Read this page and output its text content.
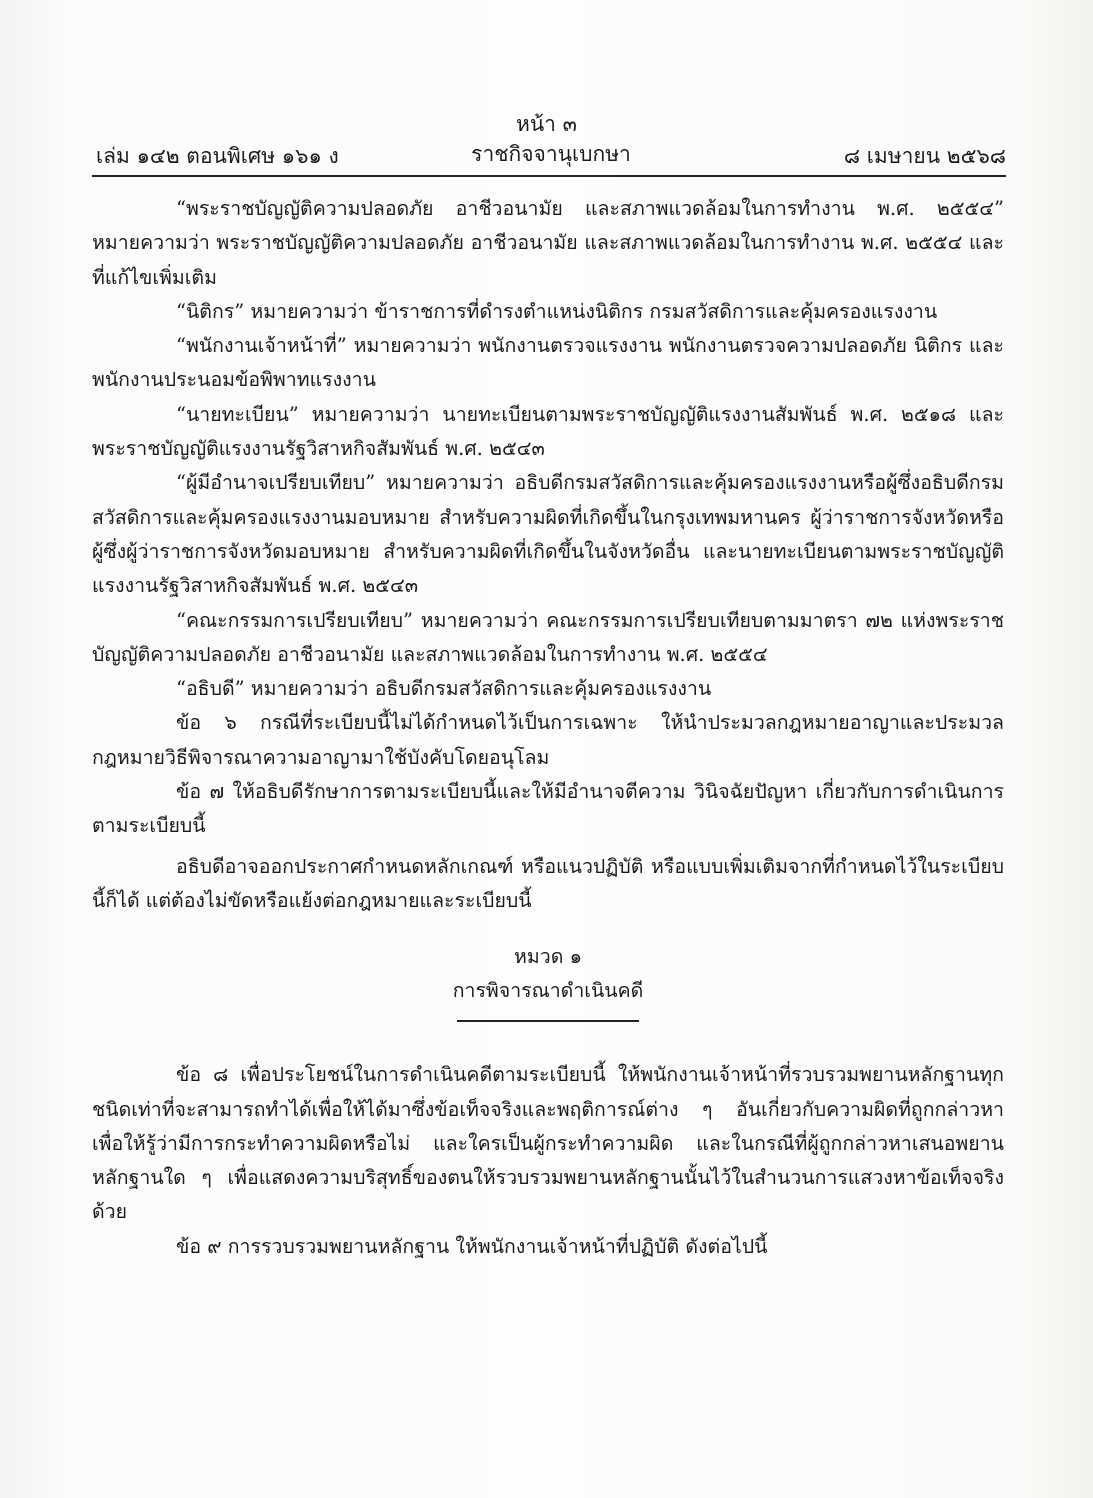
หน้า ๓
เล่ม ๑๔๒ ตอนพิเศษ ๑๖๑ ง	ราชกิจจานุเบกษา	๘ เมษายน ๒๕๖๘

“พระราชบัญญัติความปลอดภัย อาชีวอนามัย และสภาพแวดล้อมในการทำงาน พ.ศ. ๒๕๕๔” หมายความว่า พระราชบัญญัติความปลอดภัย อาชีวอนามัย และสภาพแวดล้อมในการทำงาน พ.ศ. ๒๕๕๔ และที่แก้ไขเพิ่มเติม

“นิติกร” หมายความว่า ข้าราชการที่ดำรงตำแหน่งนิติกร กรมสวัสดิการและคุ้มครองแรงงาน

“พนักงานเจ้าหน้าที่” หมายความว่า พนักงานตรวจแรงงาน พนักงานตรวจความปลอดภัย นิติกร และพนักงานประนอมข้อพิพาทแรงงาน

“นายทะเบียน” หมายความว่า นายทะเบียนตามพระราชบัญญัติแรงงานสัมพันธ์ พ.ศ. ๒๕๑๘ และพระราชบัญญัติแรงงานรัฐวิสาหกิจสัมพันธ์ พ.ศ. ๒๕๔๓

“ผู้มีอำนาจเปรียบเทียบ” หมายความว่า อธิบดีกรมสวัสดิการและคุ้มครองแรงงานหรือผู้ซึ่งอธิบดีกรมสวัสดิการและคุ้มครองแรงงานมอบหมาย สำหรับความผิดที่เกิดขึ้นในกรุงเทพมหานคร ผู้ว่าราชการจังหวัดหรือผู้ซึ่งผู้ว่าราชการจังหวัดมอบหมาย สำหรับความผิดที่เกิดขึ้นในจังหวัดอื่น และนายทะเบียนตามพระราชบัญญัติแรงงานรัฐวิสาหกิจสัมพันธ์ พ.ศ. ๒๕๔๓

“คณะกรรมการเปรียบเทียบ” หมายความว่า คณะกรรมการเปรียบเทียบตามมาตรา ๗๒ แห่งพระราชบัญญัติความปลอดภัย อาชีวอนามัย และสภาพแวดล้อมในการทำงาน พ.ศ. ๒๕๕๔

“อธิบดี” หมายความว่า อธิบดีกรมสวัสดิการและคุ้มครองแรงงาน

ข้อ ๖ กรณีที่ระเบียบนี้ไม่ได้กำหนดไว้เป็นการเฉพาะ ให้นำประมวลกฎหมายอาญาและประมวลกฎหมายวิธีพิจารณาความอาญามาใช้บังคับโดยอนุโลม

ข้อ ๗ ให้อธิบดีรักษาการตามระเบียบนี้และให้มีอำนาจตีความ วินิจฉัยปัญหา เกี่ยวกับการดำเนินการตามระเบียบนี้

อธิบดีอาจออกประกาศกำหนดหลักเกณฑ์ หรือแนวปฏิบัติ หรือแบบเพิ่มเติมจากที่กำหนดไว้ในระเบียบนี้ก็ได้ แต่ต้องไม่ขัดหรือแย้งต่อกฎหมายและระเบียบนี้

หมวด ๑
การพิจารณาดำเนินคดี

ข้อ ๘ เพื่อประโยชน์ในการดำเนินคดีตามระเบียบนี้ ให้พนักงานเจ้าหน้าที่รวบรวมพยานหลักฐานทุกชนิดเท่าที่จะสามารถทำได้เพื่อให้ได้มาซึ่งข้อเท็จจริงและพฤติการณ์ต่าง ๆ อันเกี่ยวกับความผิดที่ถูกกล่าวหา เพื่อให้รู้ว่ามีการกระทำความผิดหรือไม่ และใครเป็นผู้กระทำความผิด และในกรณีที่ผู้ถูกกล่าวหาเสนอพยานหลักฐานใด ๆ เพื่อแสดงความบริสุทธิ์ของตนให้รวบรวมพยานหลักฐานนั้นไว้ในสำนวนการแสวงหาข้อเท็จจริงด้วย

ข้อ ๙ การรวบรวมพยานหลักฐาน ให้พนักงานเจ้าหน้าที่ปฏิบัติ ดังต่อไปนี้
